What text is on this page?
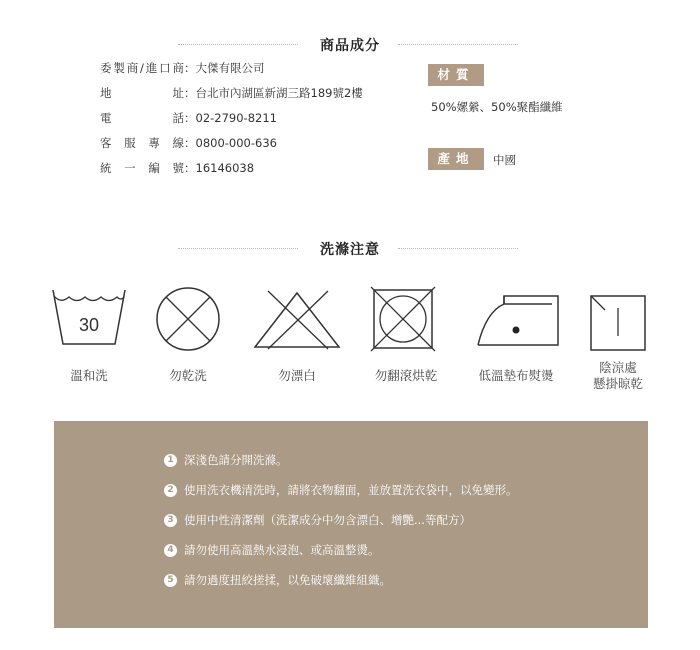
商品成分
委製商/進口商：大傑有限公司
地址：台北市內湖區新湖三路189號2樓
電話：02-2790-8211
客服專線：0800-000-636
統一編號：16146038
材質
50%嫘縈、50%聚酯纖維
產地	中國
洗滌注意
30
溫和洗	勿乾洗	勿漂白	勿翻滾烘乾	低溫墊布熨燙
陰涼處
懸掛晾乾
1 深淺色請分開洗滌。
2 使用洗衣機清洗時，請將衣物翻面，並放置洗衣袋中，以免變形。
3 使用中性清潔劑（洗潔成分中勿含漂白、增艷...等配方）
4 請勿使用高溫熱水浸泡、或高溫整燙。
5 請勿過度扭絞搓揉，以免破壞纖維組織。
